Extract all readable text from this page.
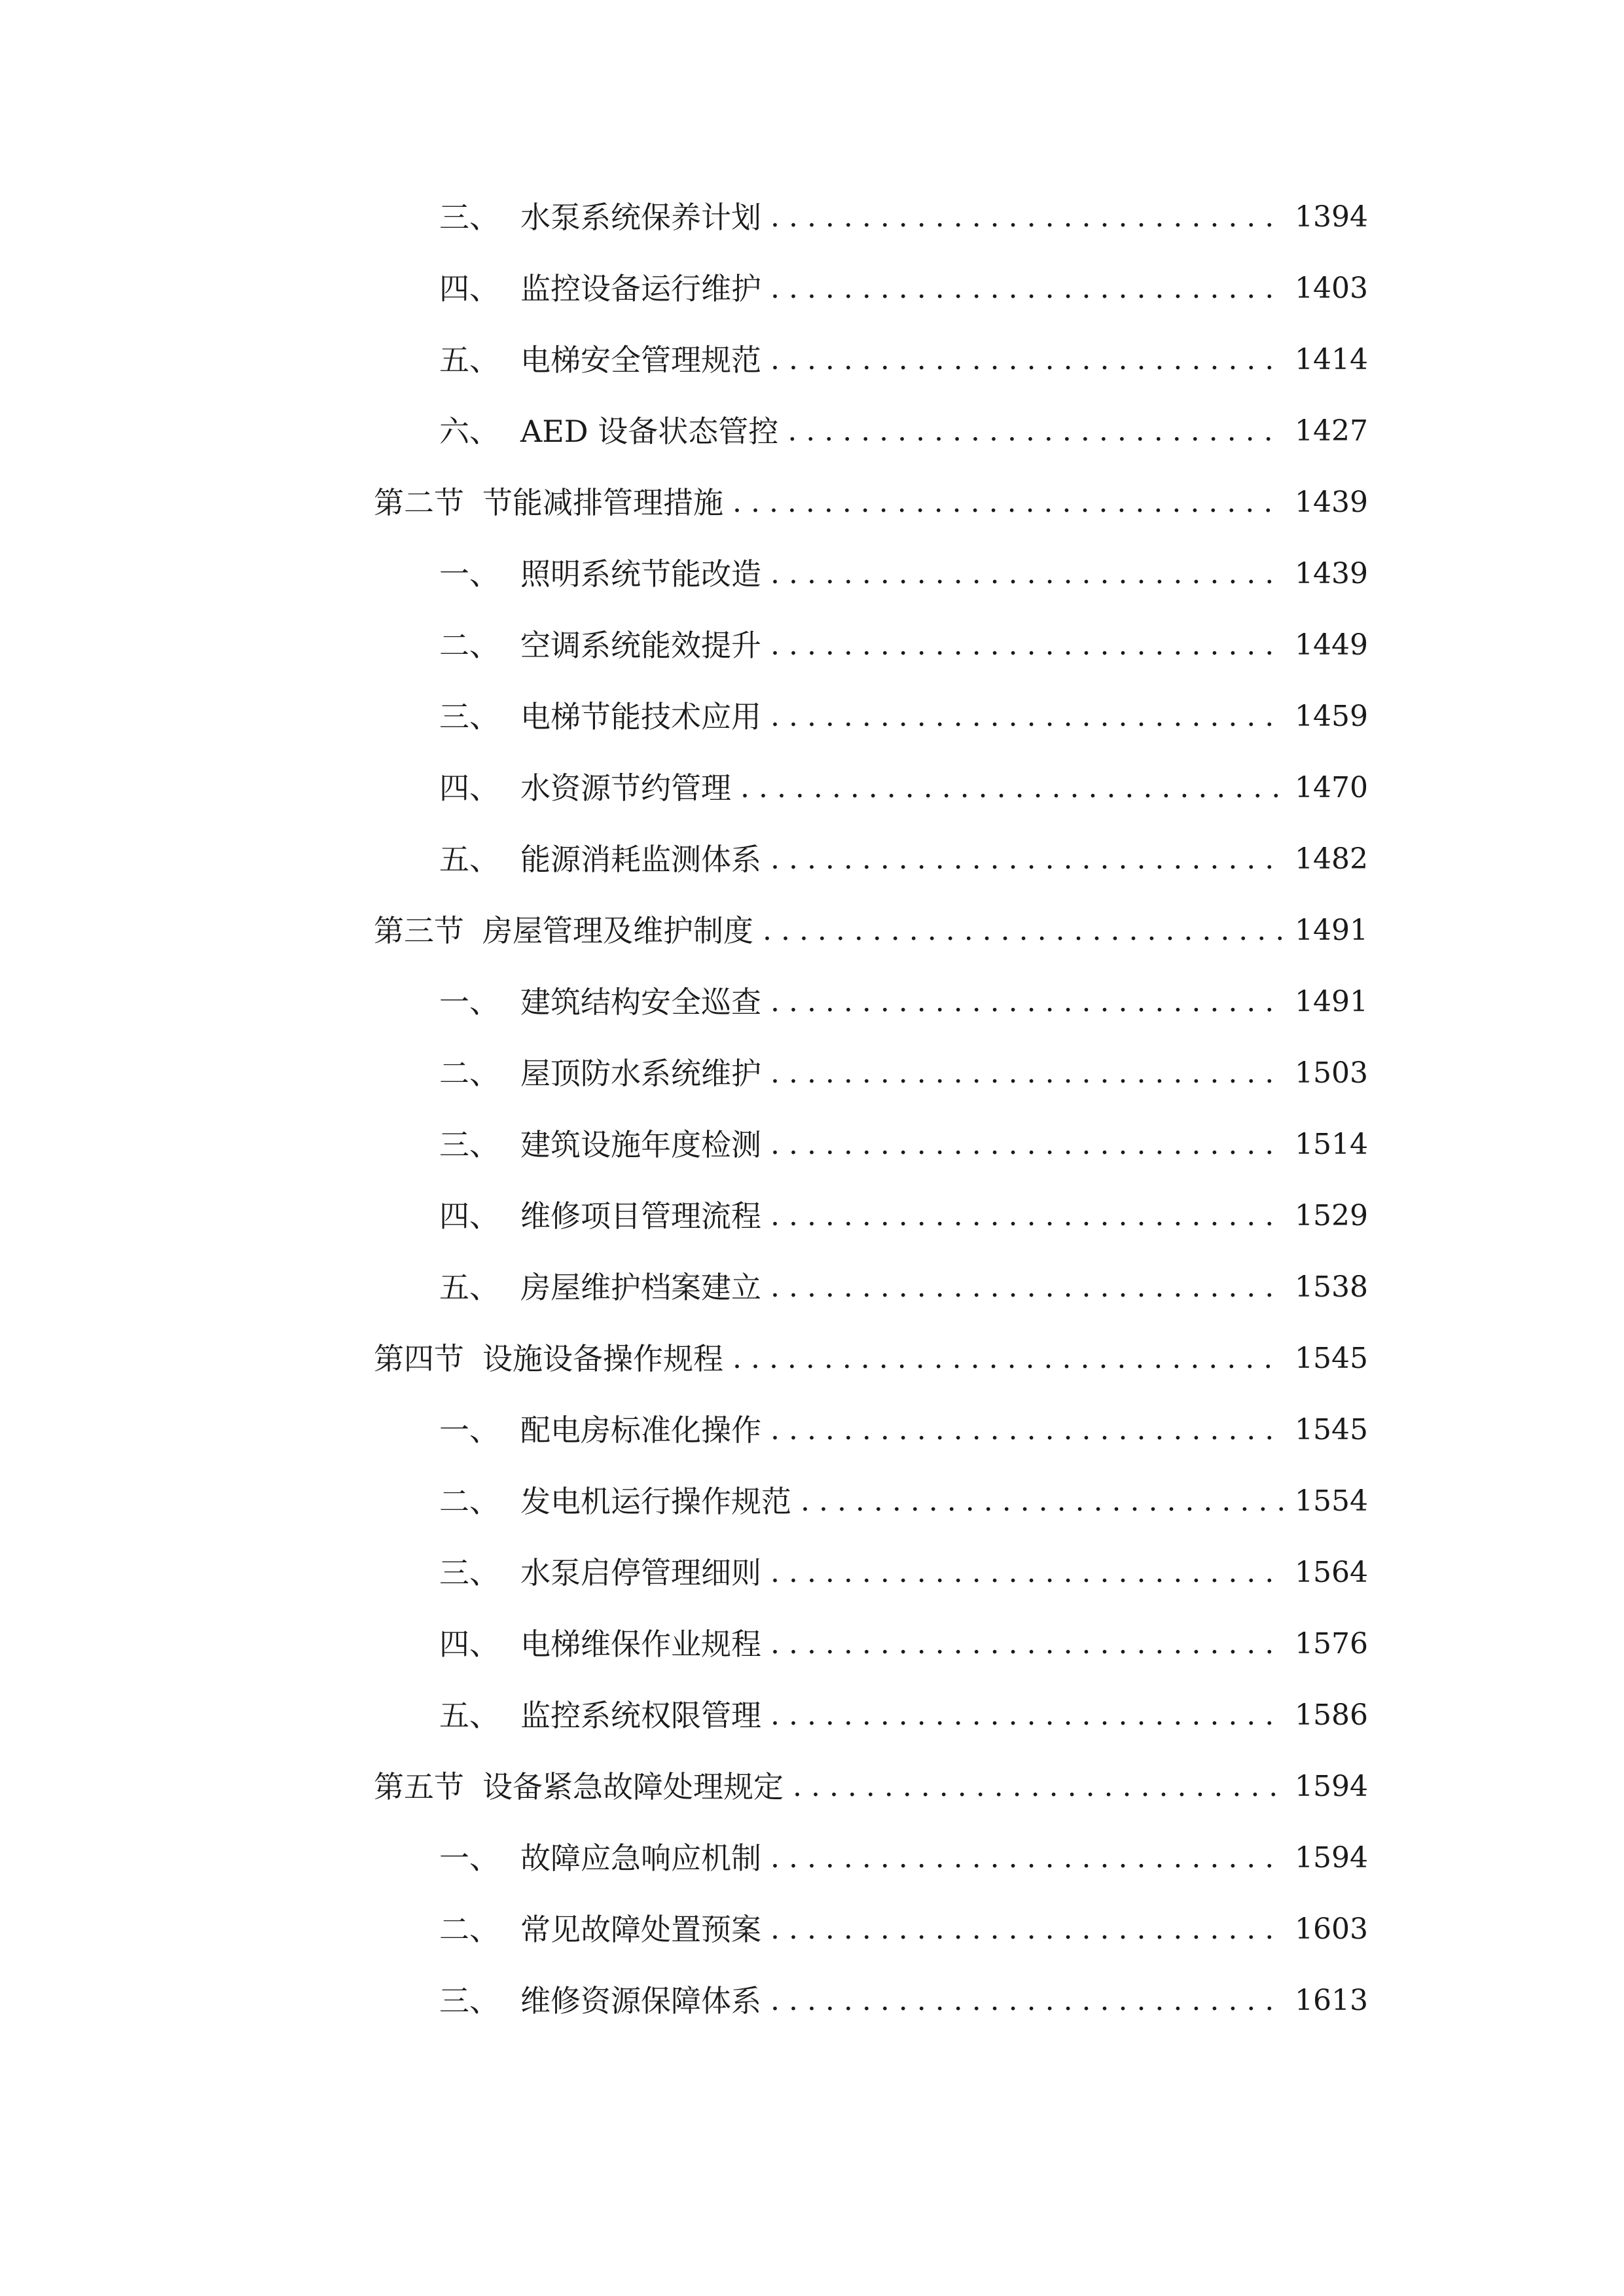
三、 水泵系统保养计划 . . .	1394
四、 监控设备运行维护 . . .	1403
五、 电梯安全管理规范 . . .	1414
六、 AED 设备状态管控 . . .	1427
第二节 节能减排管理措施 . . .	1439
一、 照明系统节能改造 . . .	1439
二、 空调系统能效提升 . . .	1449
三、 电梯节能技术应用 . . .	1459
四、 水资源节约管理 . . .	1470
五、 能源消耗监测体系 . . .	1482
第三节 房屋管理及维护制度 . . .	1491
一、 建筑结构安全巡查 . . .	1491
二、 屋顶防水系统维护 . . .	1503
三、 建筑设施年度检测 . . .	1514
四、 维修项目管理流程 . . .	1529
五、 房屋维护档案建立 . . .	1538
第四节 设施设备操作规程 . . .	1545
一、 配电房标准化操作 . . .	1545
二、 发电机运行操作规范 . . .	1554
三、 水泵启停管理细则 . . .	1564
四、 电梯维保作业规程 . . .	1576
五、 监控系统权限管理 . . .	1586
第五节 设备紧急故障处理规定 . . .	1594
一、 故障应急响应机制 . . .	1594
二、 常见故障处置预案 . . .	1603
三、 维修资源保障体系 . . .	1613
